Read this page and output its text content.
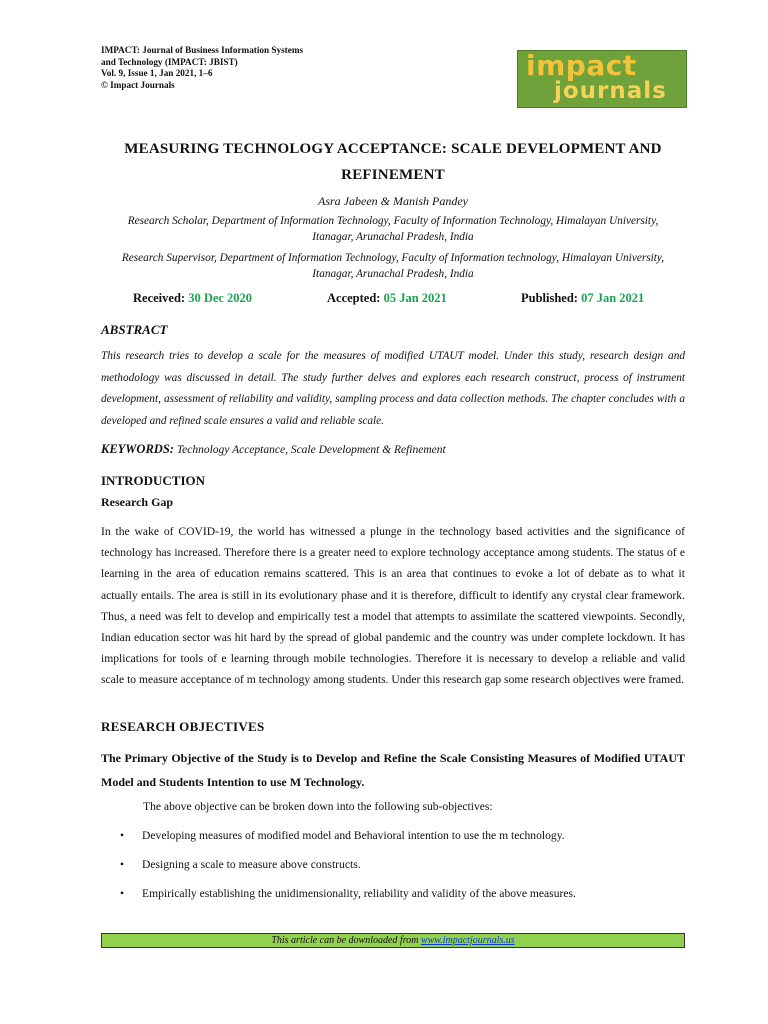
IMPACT: Journal of Business Information Systems
and Technology (IMPACT: JBIST)
Vol. 9, Issue 1, Jan 2021, 1–6
© Impact Journals
impact
journals
MEASURING TECHNOLOGY ACCEPTANCE: SCALE DEVELOPMENT AND
REFINEMENT
Asra Jabeen & Manish Pandey
Research Scholar, Department of Information Technology, Faculty of Information Technology, Himalayan University,
Itanagar, Arunachal Pradesh, India
Research Supervisor, Department of Information Technology, Faculty of Information technology, Himalayan University,
Itanagar, Arunachal Pradesh, India
Received: 30 Dec 2020	Accepted: 05 Jan 2021	Published: 07 Jan 2021
ABSTRACT
This research tries to develop a scale for the measures of modified UTAUT model. Under this study, research design and methodology was discussed in detail. The study further delves and explores each research construct, process of instrument development, assessment of reliability and validity, sampling process and data collection methods. The chapter concludes with a developed and refined scale ensures a valid and reliable scale.
KEYWORDS: Technology Acceptance, Scale Development & Refinement
INTRODUCTION
Research Gap
In the wake of COVID-19, the world has witnessed a plunge in the technology based activities and the significance of technology has increased. Therefore there is a greater need to explore technology acceptance among students. The status of e learning in the area of education remains scattered. This is an area that continues to evoke a lot of debate as to what it actually entails. The area is still in its evolutionary phase and it is therefore, difficult to identify any crystal clear framework. Thus, a need was felt to develop and empirically test a model that attempts to assimilate the scattered viewpoints. Secondly, Indian education sector was hit hard by the spread of global pandemic and the country was under complete lockdown. It has implications for tools of e learning through mobile technologies. Therefore it is necessary to develop a reliable and valid scale to measure acceptance of m technology among students. Under this research gap some research objectives were framed.
RESEARCH OBJECTIVES
The Primary Objective of the Study is to Develop and Refine the Scale Consisting Measures of Modified UTAUT Model and Students Intention to use M Technology.
The above objective can be broken down into the following sub-objectives:
• Developing measures of modified model and Behavioral intention to use the m technology.
• Designing a scale to measure above constructs.
• Empirically establishing the unidimensionality, reliability and validity of the above measures.
This article can be downloaded from www.impactjournals.us
